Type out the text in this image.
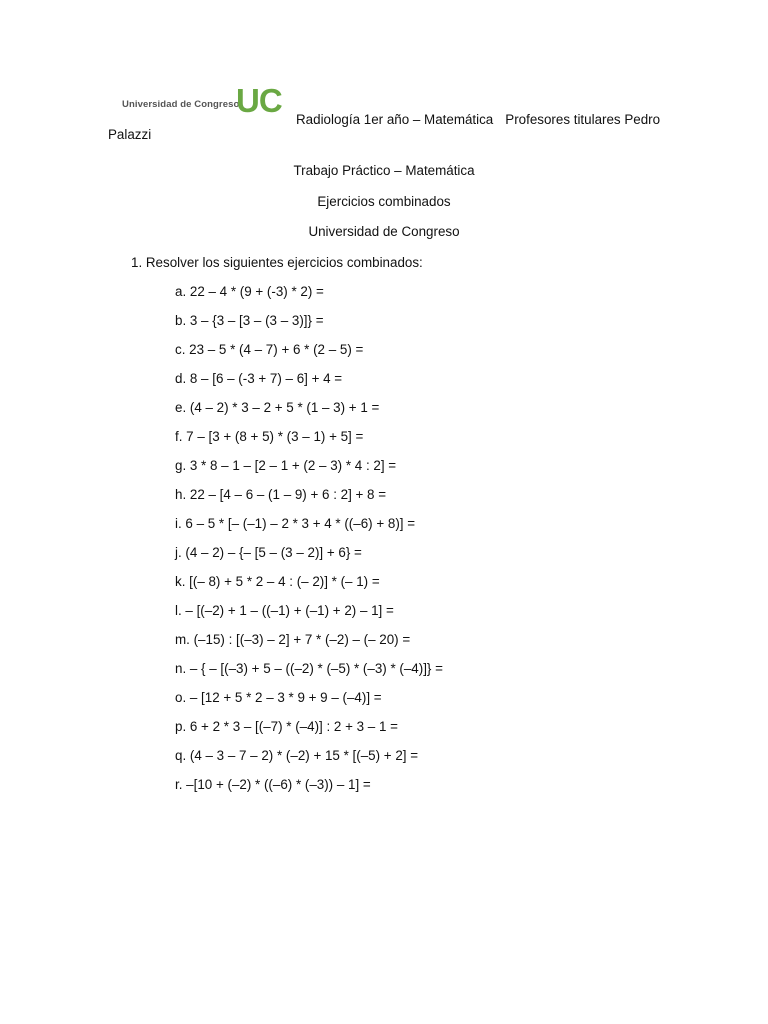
Universidad de Congreso
UC
Radiología 1er año – Matemática Profesores titulares Pedro
Palazzi
Trabajo Práctico – Matemática
Ejercicios combinados
Universidad de Congreso
1. Resolver los siguientes ejercicios combinados:
a. 22 – 4 * (9 + (-3) * 2) =
b. 3 – {3 – [3 – (3 – 3)]} =
c. 23 – 5 * (4 – 7) + 6 * (2 – 5) =
d. 8 – [6 – (-3 + 7) – 6] + 4 =
e. (4 – 2) * 3 – 2 + 5 * (1 – 3) + 1 =
f. 7 – [3 + (8 + 5) * (3 – 1) + 5] =
g. 3 * 8 – 1 – [2 – 1 + (2 – 3) * 4 : 2] =
h. 22 – [4 – 6 – (1 – 9) + 6 : 2] + 8 =
i. 6 – 5 * [– (–1) – 2 * 3 + 4 * ((–6) + 8)] =
j. (4 – 2) – {– [5 – (3 – 2)] + 6} =
k. [(– 8) + 5 * 2 – 4 : (– 2)] * (– 1) =
l. – [(–2) + 1 – ((–1) + (–1) + 2) – 1] =
m. (–15) : [(–3) – 2] + 7 * (–2) – (– 20) =
n. – { – [(–3) + 5 – ((–2) * (–5) * (–3) * (–4)]} =
o. – [12 + 5 * 2 – 3 * 9 + 9 – (–4)] =
p. 6 + 2 * 3 – [(–7) * (–4)] : 2 + 3 – 1 =
q. (4 – 3 – 7 – 2) * (–2) + 15 * [(–5) + 2] =
r. –[10 + (–2) * ((–6) * (–3)) – 1] =
